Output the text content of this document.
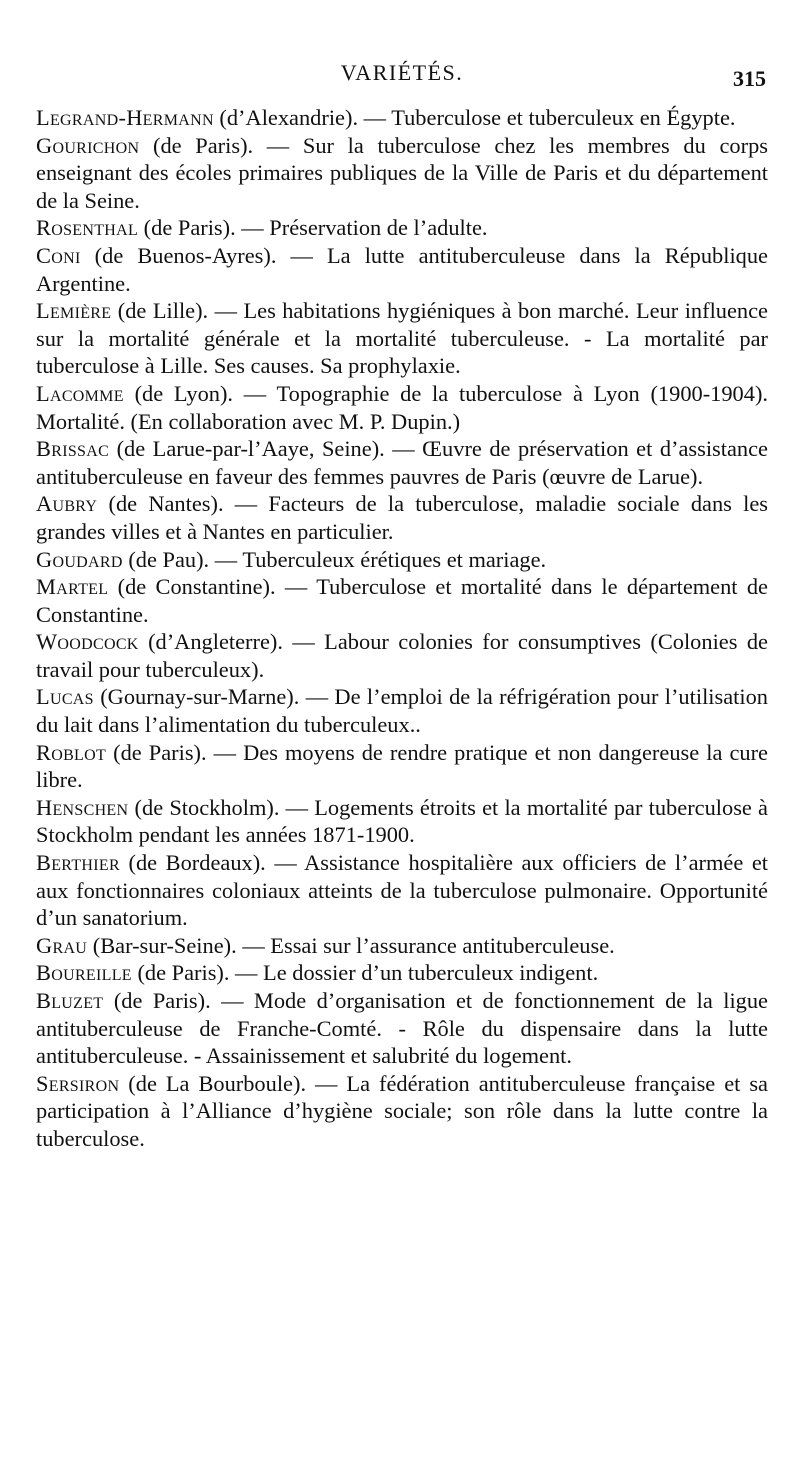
VARIÉTÉS.	315

Legrand-Hermann (d’Alexandrie). — Tuberculose et tuberculeux en Égypte.

Gourichon (de Paris). — Sur la tuberculose chez les membres du corps enseignant des écoles primaires publiques de la Ville de Paris et du département de la Seine.

Rosenthal (de Paris). — Préservation de l’adulte.

Coni (de Buenos-Ayres). — La lutte antituberculeuse dans la République Argentine.

Lemière (de Lille). — Les habitations hygiéniques à bon marché. Leur influence sur la mortalité générale et la mortalité tuberculeuse. - La mortalité par tuberculose à Lille. Ses causes. Sa prophylaxie.

Lacomme (de Lyon). — Topographie de la tuberculose à Lyon (1900-1904). Mortalité. (En collaboration avec M. P. Dupin.)

Brissac (de Larue-par-l’Aaye, Seine). — Œuvre de préservation et d’assistance antituberculeuse en faveur des femmes pauvres de Paris (œuvre de Larue).

Aubry (de Nantes). — Facteurs de la tuberculose, maladie sociale dans les grandes villes et à Nantes en particulier.

Goudard (de Pau). — Tuberculeux érétiques et mariage.

Martel (de Constantine). — Tuberculose et mortalité dans le département de Constantine.

Woodcock (d’Angleterre). — Labour colonies for consumptives (Colonies de travail pour tuberculeux).

Lucas (Gournay-sur-Marne). — De l’emploi de la réfrigération pour l’utilisation du lait dans l’alimentation du tuberculeux..

Roblot (de Paris). — Des moyens de rendre pratique et non dangereuse la cure libre.

Henschen (de Stockholm). — Logements étroits et la mortalité par tuberculose à Stockholm pendant les années 1871-1900.

Berthier (de Bordeaux). — Assistance hospitalière aux officiers de l’armée et aux fonctionnaires coloniaux atteints de la tuberculose pulmonaire. Opportunité d’un sanatorium.

Grau (Bar-sur-Seine). — Essai sur l’assurance antituberculeuse.

Boureille (de Paris). — Le dossier d’un tuberculeux indigent.

Bluzet (de Paris). — Mode d’organisation et de fonctionnement de la ligue antituberculeuse de Franche-Comté. - Rôle du dispensaire dans la lutte antituberculeuse. - Assainissement et salubrité du logement.

Sersiron (de La Bourboule). — La fédération antituberculeuse française et sa participation à l’Alliance d’hygiène sociale; son rôle dans la lutte contre la tuberculose.
